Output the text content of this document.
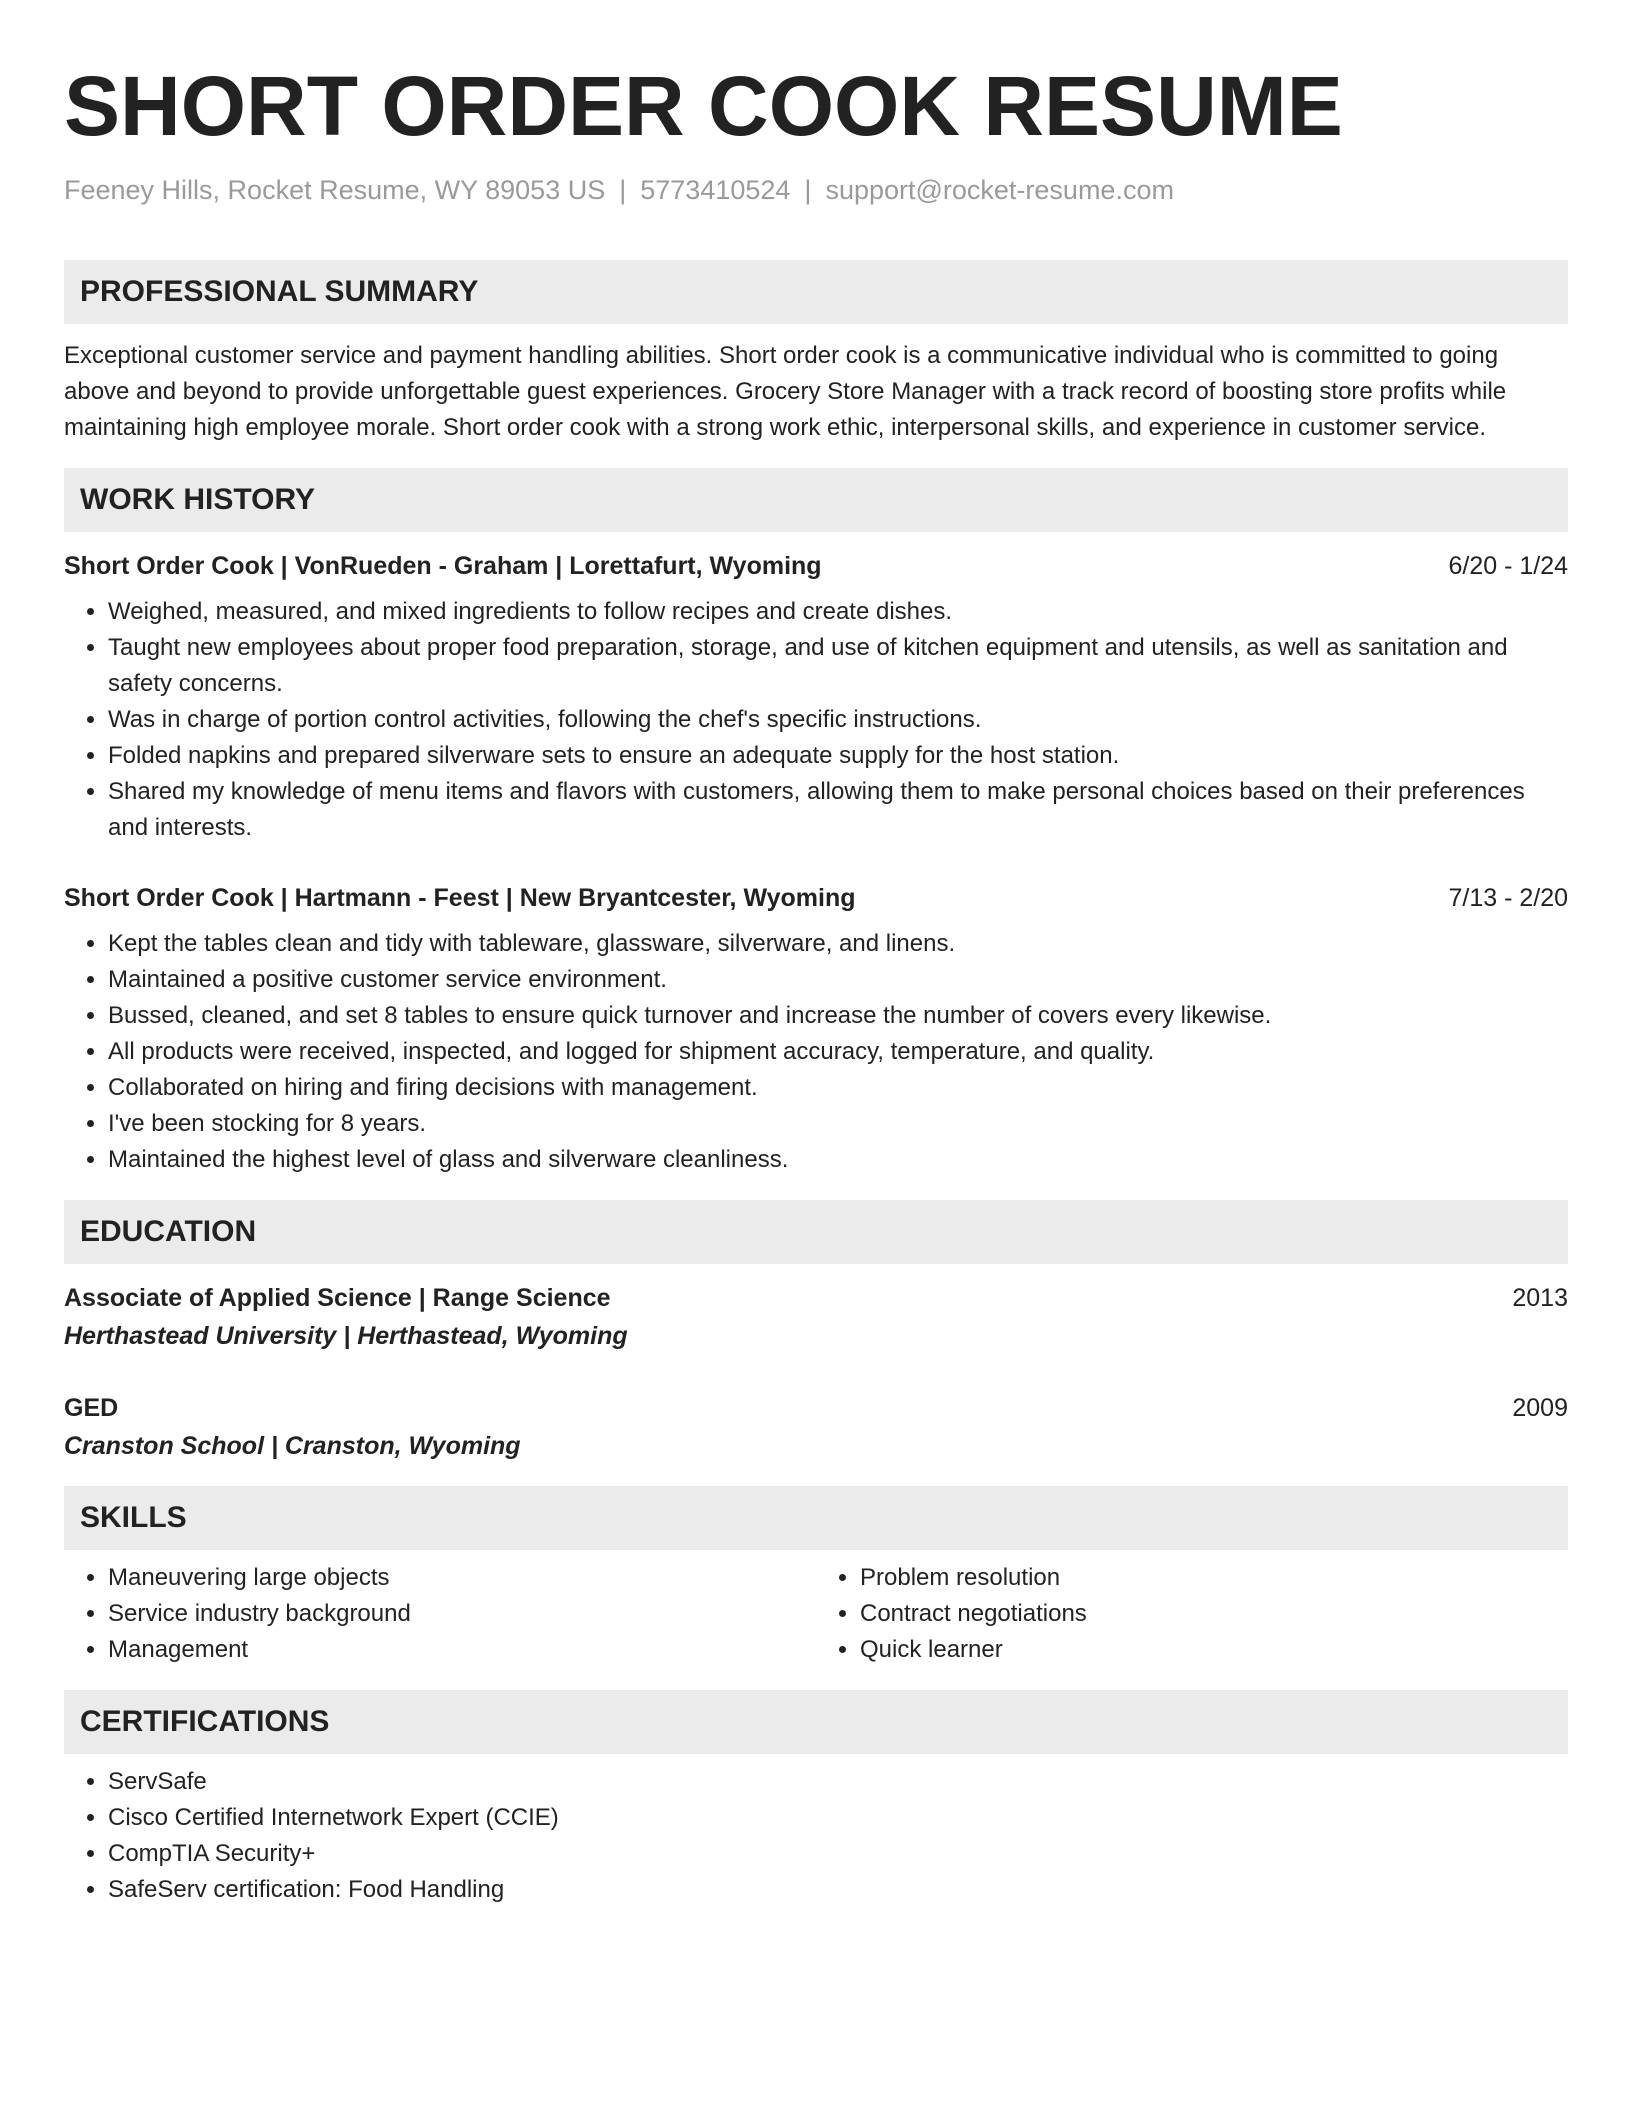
SHORT ORDER COOK RESUME
Feeney Hills, Rocket Resume, WY 89053 US | 5773410524 | support@rocket-resume.com
PROFESSIONAL SUMMARY

Exceptional customer service and payment handling abilities. Short order cook is a communicative individual who is committed to going above and beyond to provide unforgettable guest experiences. Grocery Store Manager with a track record of boosting store profits while maintaining high employee morale. Short order cook with a strong work ethic, interpersonal skills, and experience in customer service.

WORK HISTORY
Short Order Cook | VonRueden - Graham | Lorettafurt, Wyoming	6/20 - 1/24
• Weighed, measured, and mixed ingredients to follow recipes and create dishes.
• Taught new employees about proper food preparation, storage, and use of kitchen equipment and utensils, as well as sanitation and safety concerns.
• Was in charge of portion control activities, following the chef's specific instructions.
• Folded napkins and prepared silverware sets to ensure an adequate supply for the host station.
• Shared my knowledge of menu items and flavors with customers, allowing them to make personal choices based on their preferences and interests.
Short Order Cook | Hartmann - Feest | New Bryantcester, Wyoming	7/13 - 2/20
• Kept the tables clean and tidy with tableware, glassware, silverware, and linens.
• Maintained a positive customer service environment.
• Bussed, cleaned, and set 8 tables to ensure quick turnover and increase the number of covers every likewise.
• All products were received, inspected, and logged for shipment accuracy, temperature, and quality.
• Collaborated on hiring and firing decisions with management.
• I've been stocking for 8 years.
• Maintained the highest level of glass and silverware cleanliness.
EDUCATION
Associate of Applied Science | Range Science	2013
Herthastead University | Herthastead, Wyoming
GED	2009
Cranston School | Cranston, Wyoming
SKILLS
• Maneuvering large objects
• Service industry background
• Management
• Problem resolution
• Contract negotiations
• Quick learner
CERTIFICATIONS
• ServSafe
• Cisco Certified Internetwork Expert (CCIE)
• CompTIA Security+
• SafeServ certification: Food Handling
